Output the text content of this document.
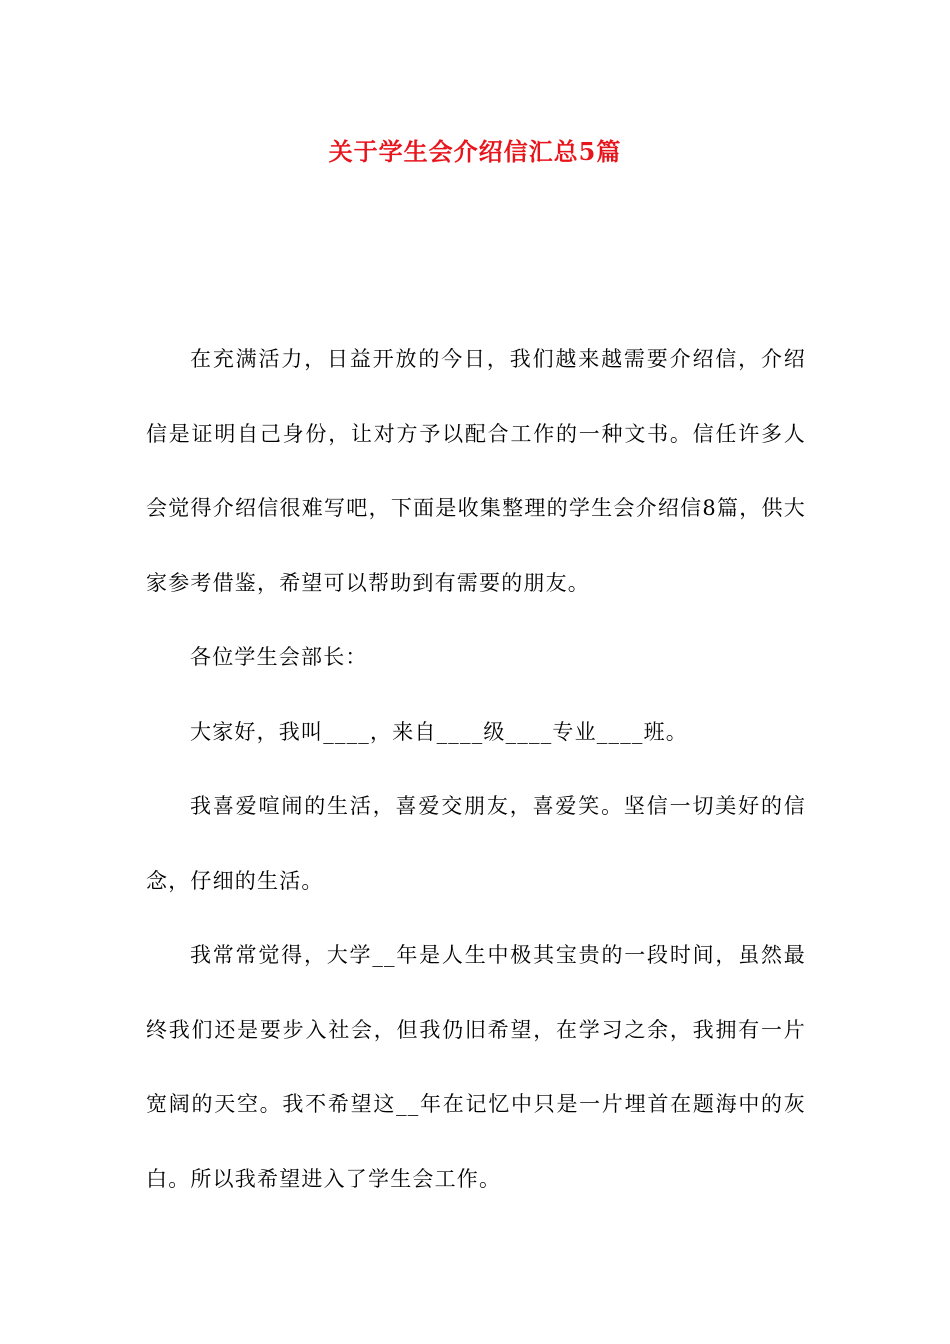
关于学生会介绍信汇总5篇

在充满活力，日益开放的今日，我们越来越需要介绍信，介绍信是证明自己身份，让对方予以配合工作的一种文书。信任许多人会觉得介绍信很难写吧，下面是收集整理的学生会介绍信8篇，供大家参考借鉴，希望可以帮助到有需要的朋友。

各位学生会部长：

大家好，我叫____，来自____级____专业____班。

我喜爱喧闹的生活，喜爱交朋友，喜爱笑。坚信一切美好的信念，仔细的生活。

我常常觉得，大学__年是人生中极其宝贵的一段时间，虽然最终我们还是要步入社会，但我仍旧希望，在学习之余，我拥有一片宽阔的天空。我不希望这__年在记忆中只是一片埋首在题海中的灰白。所以我希望进入了学生会工作。
